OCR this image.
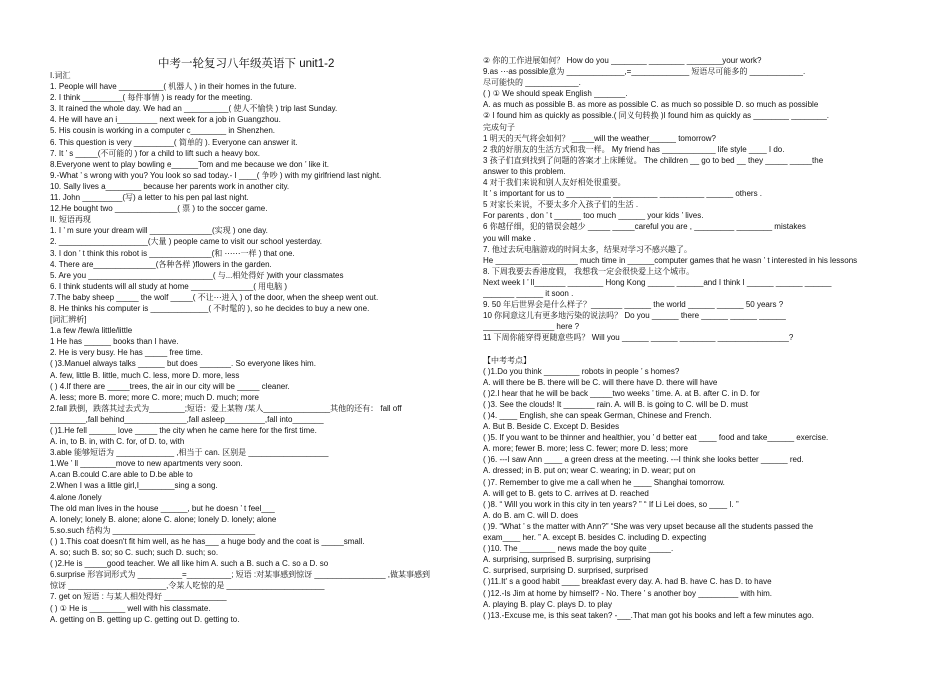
中考一轮复习八年级英语下 unit1-2
I.词汇
1. People will have __________( 机器人 ) in their homes in the future.
2. I think _________( 每件事情 ) is ready for the meeting.
3. It rained the whole day. We had an __________( 使人不愉快 ) trip last Sunday.
4. He will have an i_________ next week for a job in Guangzhou.
5. His cousin is working in a computer c________ in Shenzhen.
6. This question is very _________( 简单的 ). Everyone can answer it.
7. It ’ s _____(不可能的 ) for a child to lift such a heavy box.
8.Everyone went to play bowling e______Tom and me because we don ’ like it.
9.-What ’ s wrong with you? You look so sad today.- I ____( 争吵 ) with my girlfriend last night.
10. Sally lives a________ because her parents work in another city.
11. John _________(写) a letter to his pen pal last night.
12.He bought two ______________( 票 ) to the soccer game.
II. 短语再现
1. I ’ m sure your dream will ______________(实现 ) one day.
2. ____________________(大量 ) people came to visit our school yesterday.
3. I don ’ t think this robot is ______________(和 ⋯⋯一样 ) that one.
4. There are______________(各种各样 )flowers in the garden.
5. Are you ____________________________( 与...相处得好 )with your classmates
6. I think students will all study at home ______________( 用电脑 )
7.The baby sheep _____ the wolf _____( 不让⋯进入 ) of the door, when the sheep went out.
8. He thinks his computer is _____________( 不时髦的 ), so he decides to buy a new one.
[词汇辨析]
1.a few /few/a little/little
1 He has ______ books than I have.
2. He is very busy. He has _____ free time.
( )3.Manuel always talks ______ but does _______. So everyone likes him.
A. few, little B. little, much C. less, more D. more, less
( ) 4.If there are _____trees, the air in our city will be _____ cleaner.
A. less; more B. more; more C. more; much D. much; more
2.fall 跌倒，跌落其过去式为________;短语：爱上某物 /某人_______________其他的还有： fall off
________,fall behind______________,fall asleep_________,fall into_______
( )1.He fell ______ love _____ the city when he came here for the first time.
A. in, to B. in, with C. for, of D. to, with
3.able 能够短语为 _____________ ,相当于 can. 区别是 __________________
1.We ’ ll ________move to new apartments very soon.
A.can B.could C.are able to D.be able to
2.When I was a little girl,I________sing a song.
4.alone /lonely
The old man lives in the house ______, but he doesn ’ t feel___
A. lonely; lonely B. alone; alone C. alone; lonely D. lonely; alone
5.so.such 结构为 ________________________________
( ) 1.This coat doesn't fit him well, as he has___ a huge body and the coat is _____small.
A. so; such B. so; so C. such; such D. such; so.
( )2.He is _____good teacher. We all like him A. such a B. such a C. so a D. so
6.surprise 形容词形式为 __________=__________; 短语 :对某事感到惊讶 ________________ ,做某事感到
惊讶 ______________________,令某人吃惊的是 ______________________
7. get on 短语 : 与某人相处得好 ______________
( ) ① He is ________ well with his classmate.
A. getting on B. getting up C. getting out D. getting to.
② 你的工作进展如何？ How do you ________ ________ ________your work?
9.as ⋯as possible意为 _____________,=_____________ 短语尽可能多的 ____________.
尽可能快的 ____________.
( ) ① We should speak English _______.
A. as much as possible B. as more as possible C. as much so possible D. so much as possible
② I found him as quickly as possible.( 同义句转换 )I found him as quickly as ________ ________.
完成句子
1 明天的天气将会如何？ _____will the weather______ tomorrow?
2 我的好朋友的生活方式和我一样。 My friend has ____________ life style ____ I do.
3 孩子们直到找到了问题的答案才上床睡觉。 The children __ go to bed __ they _____ _____the
answer to this problem.
4 对于我们来说和别人友好相处很重要。
It ’ s important for us to __________ __________ __________ ______ others .
5 对家长来说，不要太多介入孩子们的生活 .
For parents , don ’ t ______ too much ______ your kids ’ lives.
6 你越仔细，犯的错误会越少 _____ _____careful you are , _________ ________ mistakes
you will make .
7. 他过去玩电脑游戏的时间太多，结果对学习不感兴趣了。
He __________ ________ much time in ______computer games that he wasn ’ t interested in his lessons
8. 下周我要去香港度假， 我想我一定会很快爱上这个城市。
Next week I ’ ll_______ ________ Hong Kong ______ ______and I think I ______ ______ ______
_______ ______ it soon .
9. 50 年后世界会是什么样子？_______ ______ the world ______ ______ 50 years ?
10 你间意这儿有更多地污染的说法吗？ Do you ______ there ______ ______ ______
________________ here ?
11 下周你能穿得更随意些吗？ Will you ______ ______ ________ ________________?
【中考考点】
( )1.Do you think ________ robots in people ’ s homes?
A. will there be B. there will be C. will there have D. there will have
( )2.I hear that he will be back _____two weeks ’ time. A. at B. after C. in D. for
( )3. See the clouds! It _______ rain. A. will B. is going to C. will be D. must
( )4. ____ English, she can speak German, Chinese and French.
A. But B. Beside C. Except D. Besides
( )5. If you want to be thinner and healthier, you ’ d better eat ____ food and take______ exercise.
A. more; fewer B. more; less C. fewer; more D. less; more
( )6. ---I saw Ann ____ a green dress at the meeting. ---I think she looks better ______ red.
A. dressed; in B. put on; wear C. wearing; in D. wear; put on
( )7. Remember to give me a call when he ____ Shanghai tomorrow.
A. will get to B. gets to C. arrives at D. reached
( )8. “ Will you work in this city in ten years? ” “ If Li Lei does, so ____ I. ”
A. do B. am C. will D. does
( )9. “What ’ s the matter with Ann?” “She was very upset because all the students passed the
exam____ her. ” A. except B. besides C. including D. expecting
( )10. The ________ news made the boy quite _____.
A. surprising, surprised B. surprising, surprising
C. surprised, surprising D. surprised, surprised
( )11.It' s a good habit ____ breakfast every day. A. had B. have C. has D. to have
( )12.-Is Jim at home by himself? - No. There ’ s another boy _________ with him.
A. playing B. play C. plays D. to play
( )13.-Excuse me, is this seat taken? -___.That man got his books and left a few minutes ago.
